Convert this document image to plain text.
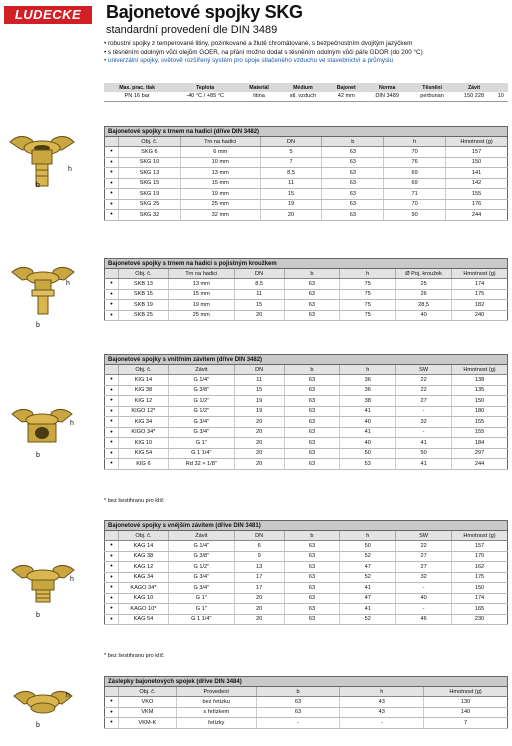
LUDECKE	Bajonetové spojky SKG
standardní provedení dle DIN 3489
• robustní spojky z temperované litiny, pozinkované a žlutě chromátované, s bezpečnostním dvojitým jazýčkem
• s těsněním odolným vůči olejům GOER, na přání možno dodat s těsněním odolným vůči páře GDOR (do 200 °C)
• univerzální spojky, světově rozšířený systém pro spoje stlačeného vzduchu ve stavebnictví a průmyslu
Max. prac. tlak	Teplota	Materiál	Médium	Bajonet	Norma	Těsnění	Závit	
PN 16 bar	-40 °C / +85 °C	litina	stl. vzduch	42 mm	DIN 3489	perbunan	150 228	10
h
b
h
b
h
b
h
b
h
b
Bajonetové spojky s trnem na hadici (dříve DIN 3482)						
	Obj. č.	Trn na hadici	DN	b	h	Hmotnost (g)
•	SKG 6	6 mm	5	63	70	157
•	SKG 10	10 mm	7	63	76	150
•	SKG 13	13 mm	8,5	63	69	141
•	SKG 15	15 mm	11	63	69	142
•	SKG 19	19 mm	15	63	71	155
•	SKG 25	25 mm	19	63	70	176
•	SKG 32	32 mm	20	63	90	244
Bajonetové spojky s trnem na hadici s pojistným kroužkem							
	Obj. č.	Trn na hadici	DN	b	h	Ø Poj. kroužek	Hmotnost (g)
•	SKB 13	13 mm	8,5	63	75	25	174
•	SKB 15	15 mm	11	63	75	26	175
•	SKB 19	19 mm	15	63	75	28,5	182
•	SKB 25	25 mm	20	63	75	40	240
Bajonetové spojky s vnitřním závitem (dříve DIN 3482)							
	Obj. č.	Závit	DN	b	h	SW	Hmotnost (g)
•	KIG 14	G 1/4"	11	63	36	22	138
•	KIG 38	G 3/8"	15	63	36	22	135
•	KIG 12	G 1/2"	19	63	38	27	150
•	KIGO 12*	G 1/2"	19	63	41	-	180
•	KIG 34	G 3/4"	20	63	40	32	155
•	KIGO 34*	G 3/4"	20	63	41	-	155
•	KIG 10	G 1"	20	63	40	41	184
•	KIG 54	G 1 1/4"	20	63	50	50	297
•	KIG 6	Rd 32 × 1/8"	20	63	53	41	244
* bez šestihranu pro klíč
Bajonetové spojky s vnějším závitem (dříve DIN 3481)							
	Obj. č.	Závit	DN	b	h	SW	Hmotnost (g)
•	KAG 14	G 1/4"	6	63	50	22	157
•	KAG 38	G 3/8"	9	63	52	27	170
•	KAG 12	G 1/2"	13	63	47	27	162
•	KAG 34	G 3/4"	17	63	52	32	175
•	KAGO 34*	G 3/4"	17	63	41	-	150
•	KAG 10	G 1"	20	63	47	40	174
•	KAGO 10*	G 1"	20	63	41	-	165
•	KAG 54	G 1 1/4"	20	63	52	46	230
* bez šestihranu pro klíč
Záslepky bajonetových spojek (dříve DIN 3484)					
	Obj. č.	Provedení	b	h	Hmotnost (g)
•	VKO	bez řetízku	63	43	130
•	VKM	s řetízkem	63	43	140
•	VKM-K	řetízky	-	-	7
